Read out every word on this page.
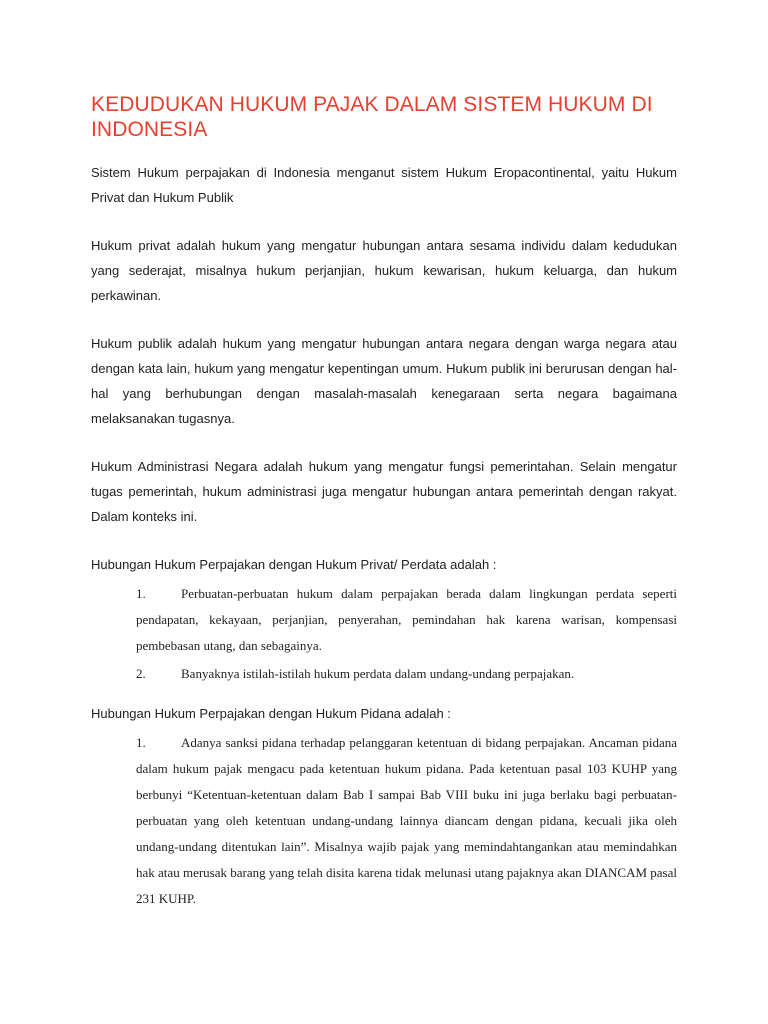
KEDUDUKAN HUKUM PAJAK DALAM SISTEM HUKUM DI INDONESIA

Sistem Hukum perpajakan di Indonesia menganut sistem Hukum Eropacontinental, yaitu Hukum Privat dan Hukum Publik

Hukum privat adalah hukum yang mengatur hubungan antara sesama individu dalam kedudukan yang sederajat, misalnya hukum perjanjian, hukum kewarisan, hukum keluarga, dan hukum perkawinan.

Hukum publik adalah hukum yang mengatur hubungan antara negara dengan warga negara atau dengan kata lain, hukum yang mengatur kepentingan umum. Hukum publik ini berurusan dengan hal-hal yang berhubungan dengan masalah-masalah kenegaraan serta negara bagaimana melaksanakan tugasnya.

Hukum Administrasi Negara adalah hukum yang mengatur fungsi pemerintahan. Selain mengatur tugas pemerintah, hukum administrasi juga mengatur hubungan antara pemerintah dengan rakyat. Dalam konteks ini.

Hubungan Hukum Perpajakan dengan Hukum Privat/ Perdata adalah :

1.	Perbuatan-perbuatan hukum dalam perpajakan berada dalam lingkungan perdata seperti pendapatan, kekayaan, perjanjian, penyerahan, pemindahan hak karena warisan, kompensasi pembebasan utang, dan sebagainya.
2.	Banyaknya istilah-istilah hukum perdata dalam undang-undang perpajakan.

Hubungan Hukum Perpajakan dengan Hukum Pidana adalah :

1.	Adanya sanksi pidana terhadap pelanggaran ketentuan di bidang perpajakan. Ancaman pidana dalam hukum pajak mengacu pada ketentuan hukum pidana. Pada ketentuan pasal 103 KUHP yang berbunyi “Ketentuan-ketentuan dalam Bab I sampai Bab VIII buku ini juga berlaku bagi perbuatan-perbuatan yang oleh ketentuan undang-undang lainnya diancam dengan pidana, kecuali jika oleh undang-undang ditentukan lain”. Misalnya wajib pajak yang memindahtangankan atau memindahkan hak atau merusak barang yang telah disita karena tidak melunasi utang pajaknya akan DIANCAM pasal 231 KUHP.
